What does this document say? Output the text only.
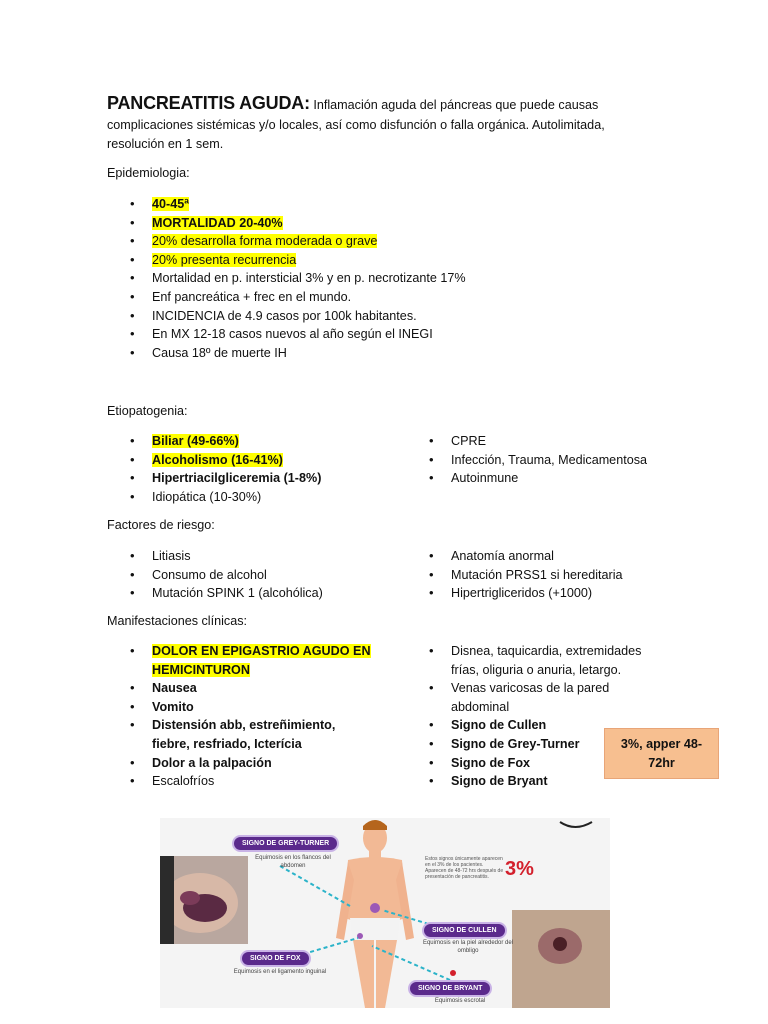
PANCREATITIS AGUDA: Inflamación aguda del páncreas que puede causas complicaciones sistémicas y/o locales, así como disfunción o falla orgánica. Autolimitada, resolución en 1 sem.
Epidemiologia:
• 40-45ª
• MORTALIDAD 20-40%
• 20% desarrolla forma moderada o grave
• 20% presenta recurrencia
• Mortalidad en p. intersticial 3% y en p. necrotizante 17%
• Enf pancreática + frec en el mundo.
• INCIDENCIA de 4.9 casos por 100k habitantes.
• En MX 12-18 casos nuevos al año según el INEGI
• Causa 18º de muerte IH
Etiopatogenia:
• Biliar (49-66%)
• Alcoholismo (16-41%)
• Hipertriacilgliceremia (1-8%)
• Idiopática (10-30%)
• CPRE
• Infección, Trauma, Medicamentosa
• Autoinmune
Factores de riesgo:
• Litiasis
• Consumo de alcohol
• Mutación SPINK 1 (alcohólica)
• Anatomía anormal
• Mutación PRSS1 si hereditaria
• Hipertrigliceridos (+1000)
Manifestaciones clínicas:
• DOLOR EN EPIGASTRIO AGUDO EN HEMICINTURON
• Nausea
• Vomito
• Distensión abb, estreñimiento, fiebre, resfriado, Icterícia
• Dolor a la palpación
• Escalofríos
• Disnea, taquicardia, extremidades frías, oliguria o anuria, letargo.
• Venas varicosas de la pared abdominal
• Signo de Cullen
• Signo de Grey-Turner
• Signo de Fox
• Signo de Bryant
3%, apper 48-72hr
SIGNO DE GREY-TURNER
Equimosis en los flancos del abdomen
Estos signos únicamente aparecen en el 3% de los pacientes. Aparecen de 48-72 hrs después de presentación de pancreatitis. 3%
SIGNO DE CULLEN
Equimosis en la piel alrededor del ombligo
SIGNO DE FOX
Equimosis en el ligamento inguinal
SIGNO DE BRYANT
Equimosis escrotal
